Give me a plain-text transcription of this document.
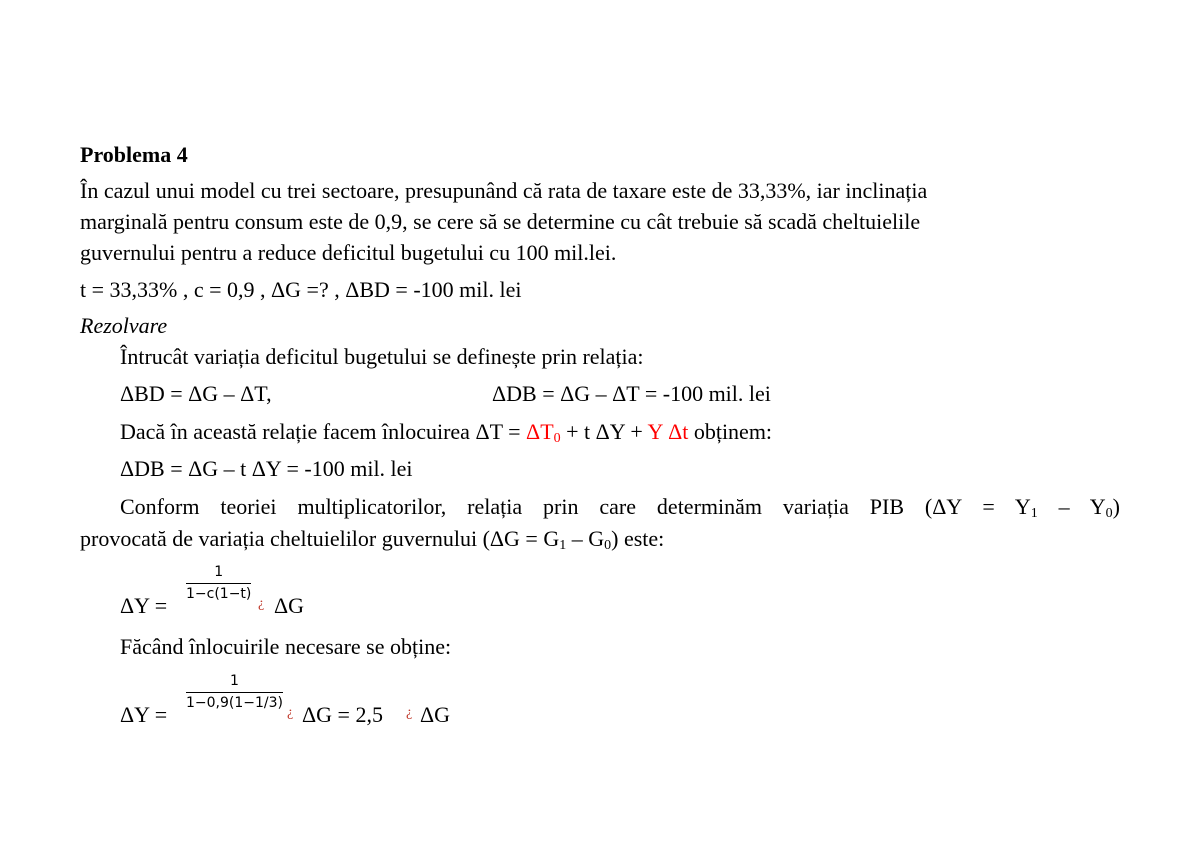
Problema 4
În cazul unui model cu trei sectoare, presupunând că rata de taxare este de 33,33%, iar inclinația
marginală pentru consum este de 0,9, se cere să se determine cu cât trebuie să scadă cheltuielile
guvernului pentru a reduce deficitul bugetului cu 100 mil.lei.
t = 33,33% , c = 0,9 , ΔG =? , ΔBD = -100 mil. lei
Rezolvare
Întrucât variația deficitul bugetului se definește prin relația:
ΔBD = ΔG – ΔT,	ΔDB = ΔG – ΔT = -100 mil. lei
Dacă în această relație facem înlocuirea $\Delta T = \Delta T_0 + t$ ΔY + Y Δt obținem:
ΔDB = ΔG – t ΔY = -100 mil. lei
Conform teoriei multiplicatorilor, relația prin care determinăm variația PIB $(\Delta Y = Y_1 - Y_0)$
provocată de variația cheltuielilor guvernului $(\Delta G = G_1 - G_0)$ este:
ΔY =
1
1−c(1−t)
¿ ΔG
Făcând înlocuirile necesare se obține:
ΔY =
1
1−0,9(1−1/3)
¿ ΔG = 2,5 ¿ ΔG
